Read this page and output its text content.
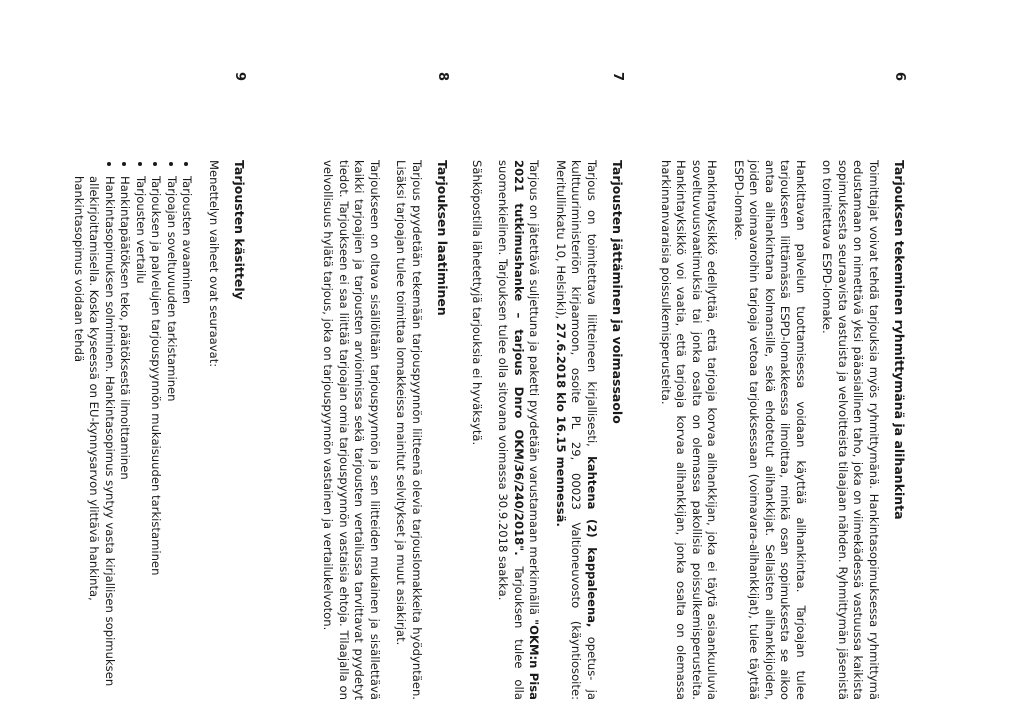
6
Tarjouksen tekeminen ryhmittymänä ja alihankinta

Toimittajat voivat tehdä tarjouksia myös ryhmittymänä. Hankintasopimuksessa ryhmittymä edustamaan on nimettävä yksi pääasiallinen taho, joka on viimekädessä vastuussa kaikista sopimuksesta seuraavista vastuista ja velvoitteista tilaajaan nähden. Ryhmittymän jäsenistä on toimitettava ESPD-lomake.

Hankittavan palvelun tuottamisessa voidaan käyttää alihankintaa. Tarjoajan tulee tarjoukseen liittämässä ESPD-lomakkeessa ilmoittaa, minkä osan sopimuksesta se aikoo antaa alihankintana kolmansille, sekä ehdotetut alihankkijat. Sellaisten alihankkijoiden, joiden voimavaroihin tarjoaja vetoaa tarjouksessaan (voimavara-alihankkijat), tulee täyttää ESPD-lomake.

Hankintayksikkö edellyttää, että tarjoaja korvaa alihankkijan, joka ei täytä asiaankuuluvia soveltuvuusvaatimuksia tai jonka osalta on olemassa pakollisia poissulkemisperusteita. Hankintayksikkö voi vaatia, että tarjoaja korvaa alihankkijan, jonka osalta on olemassa harkinnanvaraisia poissulkemisperusteita.

7
Tarjousten jättäminen ja voimassaolo

Tarjous on toimitettava liitteineen kirjallisesti, kahtena (2) kappaleena, opetus- ja kulttuuriministeriön kirjaamoon, osoite PL 29, 00023 Valtioneuvosto (käyntiosoite: Meritullinkatu 10, Helsinki), 27.6.2018 klo 16.15 mennessä.

Tarjous on jätettävä suljettuna ja paketti pyydetään varustamaan merkinnällä "OKM:n Pisa 2021 tutkimushanke – tarjous Dnro OKM/36/240/2018". Tarjouksen tulee olla suomenkielinen. Tarjouksen tulee olla sitovana voimassa 30.9.2018 saakka.

Sähköpostilla lähetettyjä tarjouksia ei hyväksytä.

8
Tarjouksen laatiminen

Tarjous pyydetään tekemään tarjouspyynnön liitteenä olevia tarjouslomakkeita hyödyntäen. Lisäksi tarjoajan tulee toimittaa lomakkeissa mainitut selvitykset ja muut asiakirjat.

Tarjoukseen on oltava sisällöltään tarjouspyynnön ja sen liitteiden mukainen ja sisällettävä kaikki tarjoajien ja tarjousten arvioinnissa sekä tarjousten vertailussa tarvittavat pyydetyt tiedot. Tarjoukseen ei saa liittää tarjoajan omia tarjouspyynnön vastaisia ehtoja. Tilaajalla on velvollisuus hylätä tarjous, joka on tarjouspyynnön vastainen ja vertailukelvoton.

9
Tarjousten käsittely

Menettelyn vaiheet ovat seuraavat:

• Tarjousten avaaminen
• Tarjoajan soveltuvuuden tarkistaminen
• Tarjouksen ja palvelujen tarjouspyynnön mukaisuuden tarkistaminen
• Tarjousten vertailu
• Hankintapäätöksen teko, päätöksestä ilmoittaminen
• Hankintasopimuksen solmiminen. Hankintasopimus syntyy vasta kirjallisen sopimuksen allekirjoittamisella. Koska kyseessä on EU-kynnysarvon ylittävä hankinta, hankintasopimus voidaan tehdä
